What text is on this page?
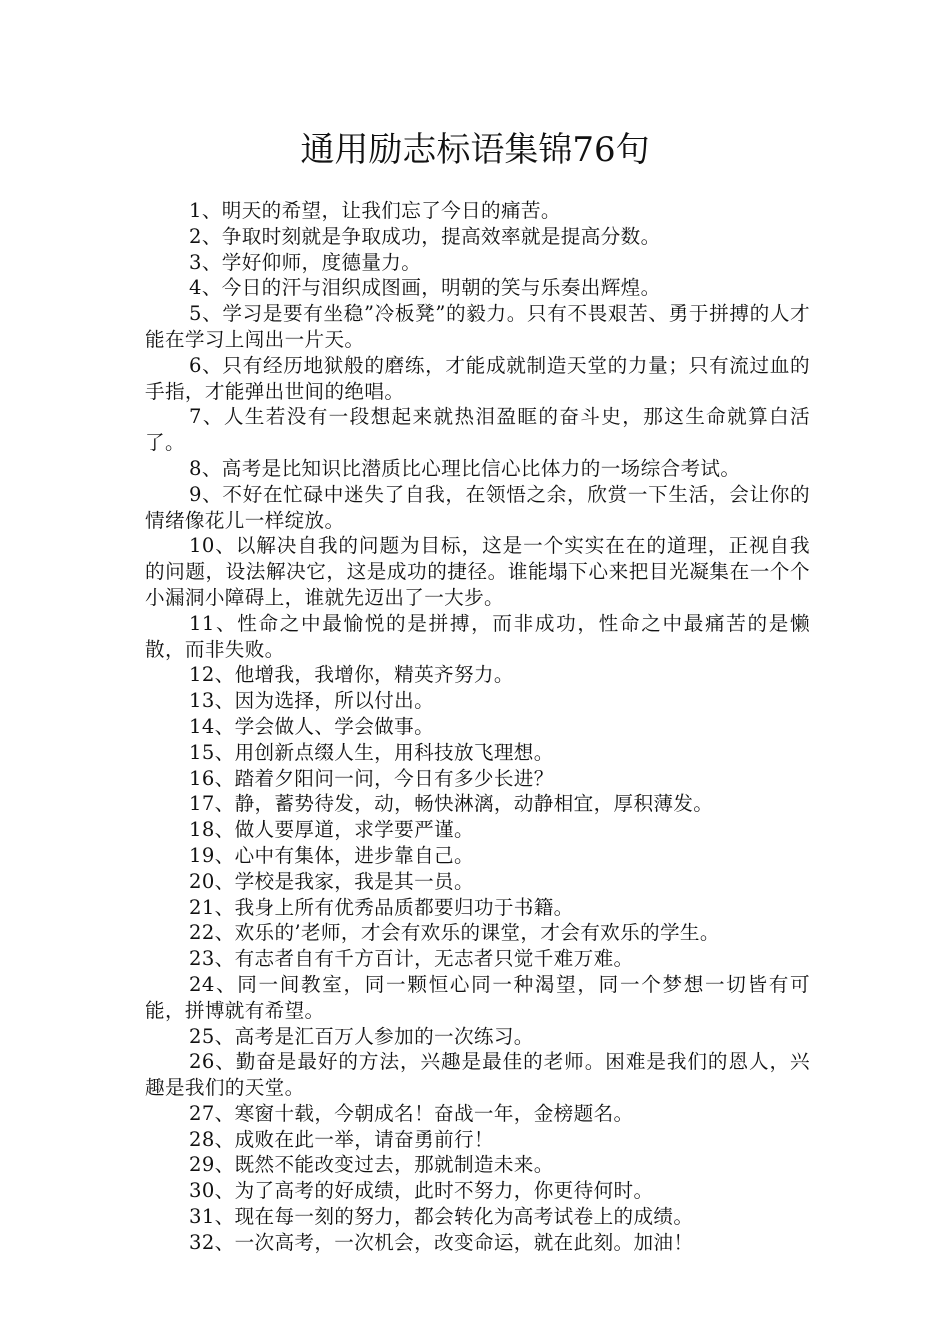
通用励志标语集锦76句

1、明天的希望，让我们忘了今日的痛苦。

2、争取时刻就是争取成功，提高效率就是提高分数。

3、学好仰师，度德量力。

4、今日的汗与泪织成图画，明朝的笑与乐奏出辉煌。

5、学习是要有坐稳”冷板凳”的毅力。只有不畏艰苦、勇于拼搏的人才能在学习上闯出一片天。

6、只有经历地狱般的磨练，才能成就制造天堂的力量；只有流过血的手指，才能弹出世间的绝唱。

7、人生若没有一段想起来就热泪盈眶的奋斗史，那这生命就算白活了。

8、高考是比知识比潜质比心理比信心比体力的一场综合考试。

9、不好在忙碌中迷失了自我，在领悟之余，欣赏一下生活，会让你的情绪像花儿一样绽放。

10、以解决自我的问题为目标，这是一个实实在在的道理，正视自我的问题，设法解决它，这是成功的捷径。谁能塌下心来把目光凝集在一个个小漏洞小障碍上，谁就先迈出了一大步。

11、性命之中最愉悦的是拼搏，而非成功，性命之中最痛苦的是懒散，而非失败。

12、他增我，我增你，精英齐努力。

13、因为选择，所以付出。

14、学会做人、学会做事。

15、用创新点缀人生，用科技放飞理想。

16、踏着夕阳问一问，今日有多少长进？

17、静，蓄势待发，动，畅快淋漓，动静相宜，厚积薄发。

18、做人要厚道，求学要严谨。

19、心中有集体，进步靠自己。

20、学校是我家，我是其一员。

21、我身上所有优秀品质都要归功于书籍。

22、欢乐的’老师，才会有欢乐的课堂，才会有欢乐的学生。

23、有志者自有千方百计，无志者只觉千难万难。

24、同一间教室，同一颗恒心同一种渴望，同一个梦想一切皆有可能，拼博就有希望。

25、高考是汇百万人参加的一次练习。

26、勤奋是最好的方法，兴趣是最佳的老师。困难是我们的恩人，兴趣是我们的天堂。

27、寒窗十载，今朝成名！奋战一年，金榜题名。

28、成败在此一举，请奋勇前行！

29、既然不能改变过去，那就制造未来。

30、为了高考的好成绩，此时不努力，你更待何时。

31、现在每一刻的努力，都会转化为高考试卷上的成绩。

32、一次高考，一次机会，改变命运，就在此刻。加油！
